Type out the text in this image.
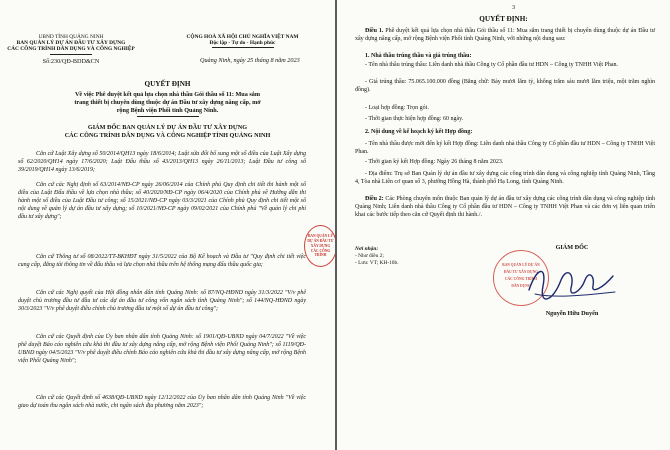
UBND TỈNH QUẢNG NINH
BAN QUẢN LÝ DỰ ÁN ĐẦU TƯ XÂY DỰNG
CÁC CÔNG TRÌNH DÂN DỤNG VÀ CÔNG NGHIỆP
Số:230/QĐ-BDD&CN
CỘNG HOÀ XÃ HỘI CHỦ NGHĨA VIỆT NAM
Độc lập - Tự do - Hạnh phúc
Quảng Ninh, ngày 25 tháng 8 năm 2023
QUYẾT ĐỊNH
Về việc Phê duyệt kết quả lựa chọn nhà thầu Gói thầu số 11: Mua sắm
trang thiết bị chuyên dùng thuộc dự án Đầu tư xây dựng nâng cấp, mở
rộng Bệnh viện Phổi tỉnh Quảng Ninh.
GIÁM ĐỐC BAN QUẢN LÝ DỰ ÁN ĐẦU TƯ XÂY DỰNG
CÁC CÔNG TRÌNH DÂN DỤNG VÀ CÔNG NGHIỆP TỈNH QUẢNG NINH
Căn cứ Luật Xây dựng số 50/2014/QH13 ngày 18/6/2014; Luật sửa đổi bổ sung một số điều của Luật Xây dựng số 62/2020/QH14 ngày 17/6/2020; Luật Đấu thầu số 43/2013/QH13 ngày 26/11/2013; Luật Đầu tư công số 39/2019/QH14 ngày 13/6/2019;
Căn cứ các Nghị định số 63/2014/NĐ-CP ngày 26/06/2014 của Chính phủ Quy định chi tiết thi hành một số điều của Luật Đấu thầu về lựa chọn nhà thầu; số 40/2020/NĐ-CP ngày 06/4/2020 của Chính phủ về Hướng dẫn thi hành một số điều của Luật Đầu tư công; số 15/2021/NĐ-CP ngày 03/3/2021 của Chính phủ Quy định chi tiết một số nội dung về quản lý dự án đầu tư xây dựng; số 10/2021/NĐ-CP ngày 09/02/2021 của Chính phủ "Về quản lý chi phí đầu tư xây dựng";
Căn cứ Thông tư số 08/2022/TT-BKHĐT ngày 31/5/2022 của Bộ Kế hoạch và Đầu tư "Quy định chi tiết việc cung cấp, đăng tải thông tin về đấu thầu và lựa chọn nhà thầu trên hệ thống mạng đấu thầu quốc gia;
Căn cứ các Nghị quyết của Hội đồng nhân dân tỉnh Quảng Ninh: số 87/NQ-HĐND ngày 31/3/2022 "V/v phê duyệt chủ trương đầu tư đầu tư các dự án đầu tư công vốn ngân sách tỉnh Quảng Ninh"; số 144/NQ-HĐND ngày 30/3/2023 "V/v phê duyệt điều chỉnh chủ trương đầu tư một số dự án đầu tư công";
Căn cứ các Quyết định của Ủy ban nhân dân tỉnh Quảng Ninh: số 1901/QĐ-UBND ngày 04/7/2022 "Về việc phê duyệt Báo cáo nghiên cứu khả thi đầu tư xây dựng nâng cấp, mở rộng Bệnh viện Phổi Quảng Ninh"; số 1119/QĐ-UBND ngày 04/5/2023 "V/v phê duyệt điều chỉnh Báo cáo nghiên cứu khả thi đầu tư xây dựng nâng cấp, mở rộng Bệnh viện Phổi Quảng Ninh";
Căn cứ các Quyết định số 4638/QĐ-UBND ngày 12/12/2022 của Ủy ban nhân dân tỉnh Quảng Ninh "Về việc giao dự toán thu ngân sách nhà nước, chi ngân sách địa phương năm 2023";
BAN QUẢN LÝ
DỰ ÁN ĐẦU TƯ
XÂY DỰNG
CÁC CÔNG TRÌNH
3
QUYẾT ĐỊNH:
Điều 1. Phê duyệt kết quả lựa chọn nhà thầu Gói thầu số 11: Mua sắm trang thiết bị chuyên dùng thuộc dự án Đầu tư xây dựng nâng cấp, mở rộng Bệnh viện Phổi tỉnh Quảng Ninh, với những nội dung sau:
1. Nhà thầu trúng thầu và giá trúng thầu:
- Tên nhà thầu trúng thầu: Liên danh nhà thầu Công ty Cổ phần đầu tư HDN – Công ty TNHH Việt Phan.
- Giá trúng thầu: 75.065.100.000 đồng (Bằng chữ: Bảy mươi lăm tỷ, không trăm sáu mươi lăm triệu, một trăm nghìn đồng).
- Loại hợp đồng: Trọn gói.
- Thời gian thực hiện hợp đồng: 60 ngày.
2. Nội dung về kế hoạch ký kết Hợp đồng:
- Tên nhà thầu được mời đến ký kết Hợp đồng: Liên danh nhà thầu Công ty Cổ phần đầu tư HDN – Công ty TNHH Việt Phan.
- Thời gian ký kết Hợp đồng: Ngày 26 tháng 8 năm 2023.
- Địa điểm: Trụ sở Ban Quản lý dự án đầu tư xây dựng các công trình dân dụng và công nghiệp tỉnh Quảng Ninh, Tầng 4, Tòa nhà Liên cơ quan số 3, phường Hồng Hà, thành phố Hạ Long, tỉnh Quảng Ninh.
Điều 2: Các Phòng chuyên môn thuộc Ban quản lý dự án đầu tư xây dựng các công trình dân dụng và công nghiệp tỉnh Quảng Ninh; Liên danh nhà thầu Công ty Cổ phần đầu tư HDN – Công ty TNHH Việt Phan và các đơn vị liên quan triển khai các bước tiếp theo căn cứ Quyết định thi hành./.
Nơi nhận:
- Như điều 2;
- Lưu: VT; KH-10b.
GIÁM ĐỐC
BAN QUẢN LÝ DỰ ÁN
ĐẦU TƯ XÂY DỰNG
CÁC CÔNG TRÌNH
DÂN DỤNG
Nguyễn Hữu Duyến
